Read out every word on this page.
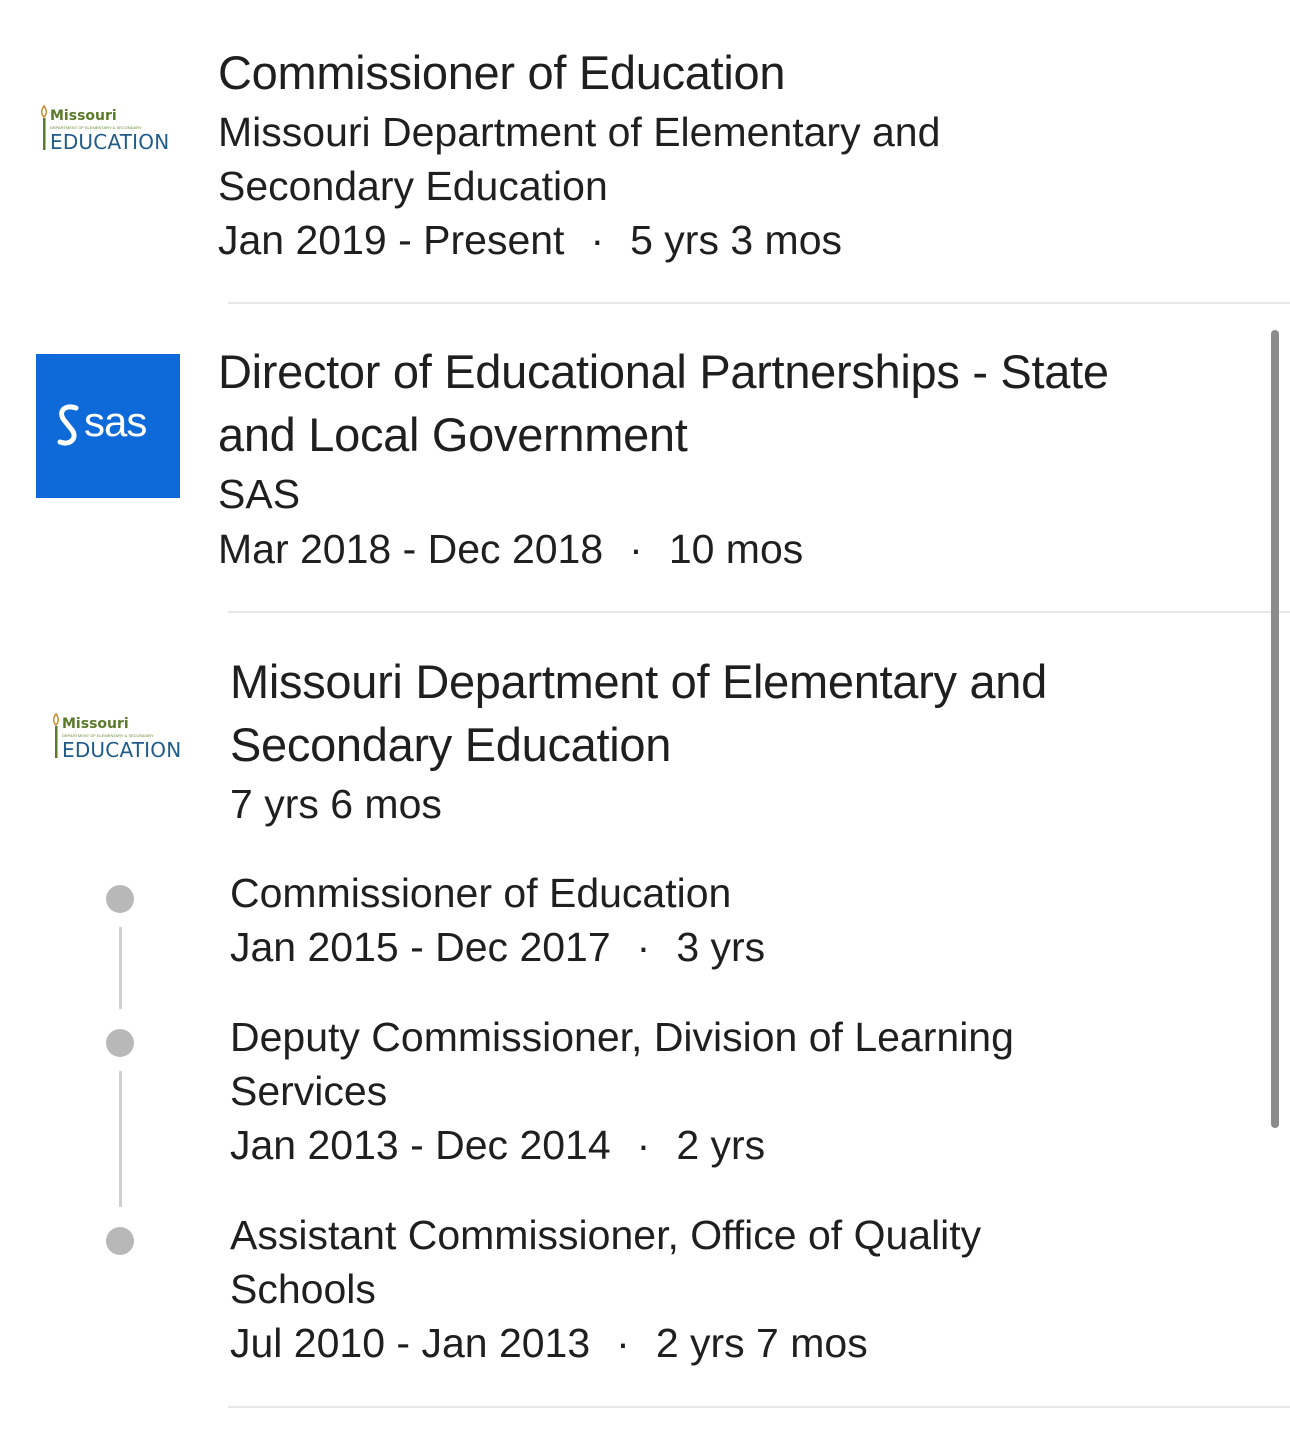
Missouri
DEPARTMENT OF ELEMENTARY & SECONDARY
EDUCATION
Commissioner of Education
Missouri Department of Elementary and
Secondary Education
Jan 2019 - Present · 5 yrs 3 mos
sas
Director of Educational Partnerships - State
and Local Government
SAS
Mar 2018 - Dec 2018 · 10 mos
Missouri
DEPARTMENT OF ELEMENTARY & SECONDARY
EDUCATION
Missouri Department of Elementary and
Secondary Education
7 yrs 6 mos
Commissioner of Education
Jan 2015 - Dec 2017 · 3 yrs
Deputy Commissioner, Division of Learning
Services
Jan 2013 - Dec 2014 · 2 yrs
Assistant Commissioner, Office of Quality
Schools
Jul 2010 - Jan 2013 · 2 yrs 7 mos
